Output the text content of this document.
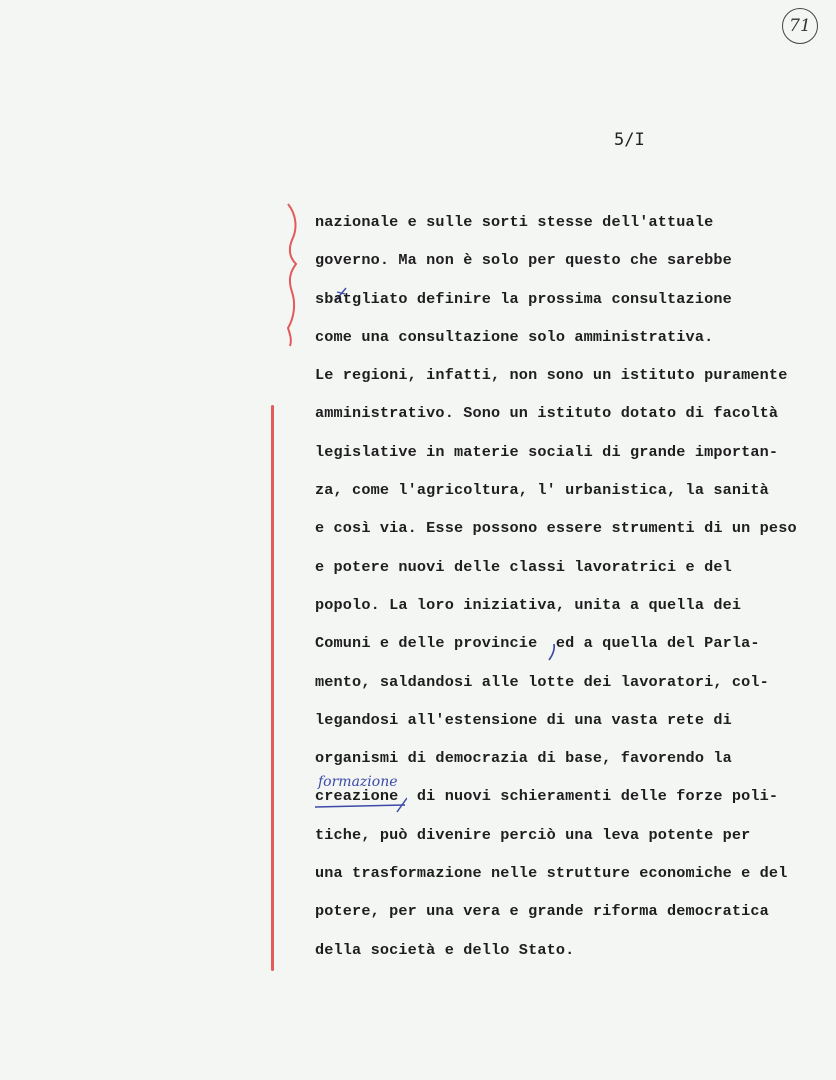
71
5/I
formazione
nazionale e sulle sorti stesse dell'attuale
governo. Ma non è solo per questo che sarebbe
sbatgliato definire la prossima consultazione
come una consultazione solo amministrativa.
Le regioni, infatti, non sono un istituto puramente
amministrativo. Sono un istituto dotato di facoltà
legislative in materie sociali di grande importan-
za, come l'agricoltura, l' urbanistica, la sanità
e così via. Esse possono essere strumenti di un peso
e potere nuovi delle classi lavoratrici e del
popolo. La loro iniziativa, unita a quella dei
Comuni e delle provincie  ed a quella del Parla-
mento, saldandosi alle lotte dei lavoratori, col-
legandosi all'estensione di una vasta rete di
organismi di democrazia di base, favorendo la
creazione  di nuovi schieramenti delle forze poli-
tiche, può divenire perciò una leva potente per
una trasformazione nelle strutture economiche e del
potere, per una vera e grande riforma democratica
della società e dello Stato.
